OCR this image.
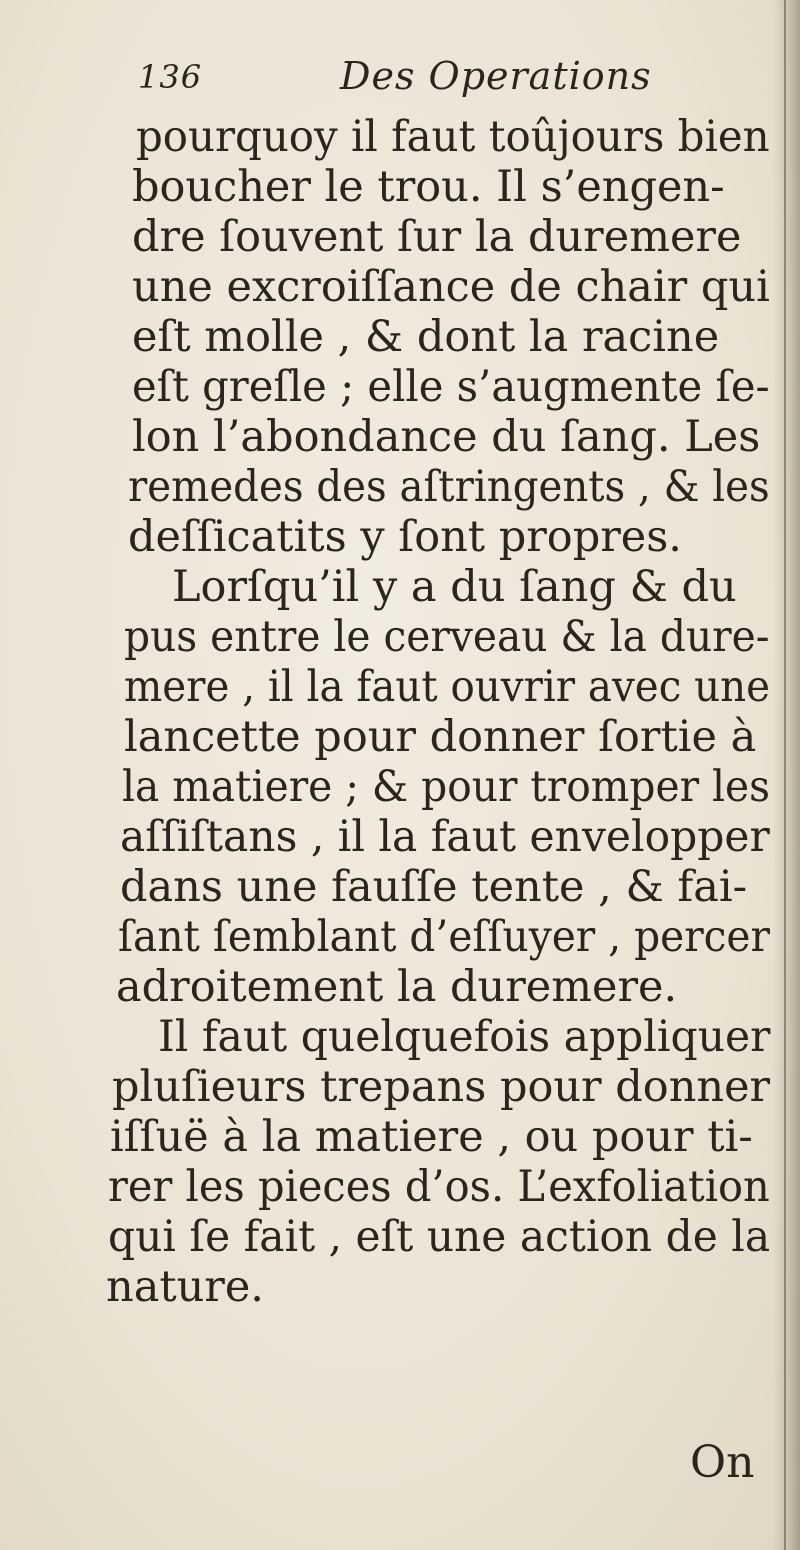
136	Des Operations
pourquoy il faut toûjours bien
boucher le trou. Il s’engen-
dre ſouvent ſur la duremere
une excroiſſance de chair qui
eſt molle , & dont la racine
eſt greſle ; elle s’augmente ſe-
lon l’abondance du ſang. Les
remedes des aſtringents , & les
deſſicatits y ſont propres.
Lorſqu’il y a du ſang & du
pus entre le cerveau & la dure-
mere , il la faut ouvrir avec une
lancette pour donner ſortie à
la matiere ; & pour tromper les
aſſiſtans , il la faut envelopper
dans une fauſſe tente , & fai-
ſant ſemblant d’eſſuyer , percer
adroitement la duremere.
Il faut quelquefois appliquer
pluſieurs trepans pour donner
iſſuë à la matiere , ou pour ti-
rer les pieces d’os. L’exfoliation
qui ſe fait , eſt une action de la
nature.
On
